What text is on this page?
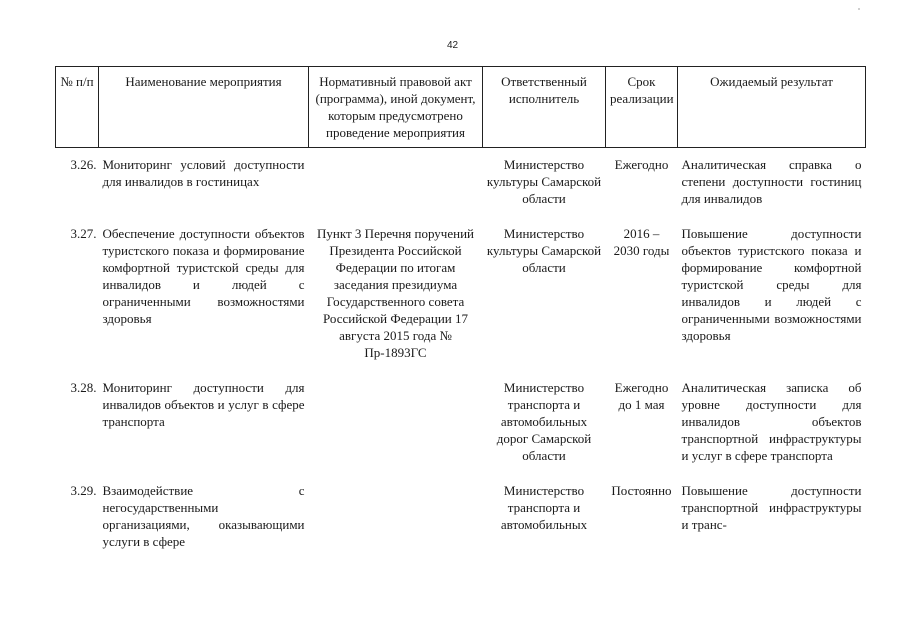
42
№ п/п	Наименование мероприятия	Нормативный правовой акт (программа), иной документ, которым предусмотрено проведение мероприятия	Ответственный исполнитель	Срок реализации	Ожидаемый результат
3.26.	Мониторинг условий доступности для инвалидов в гостиницах		Министерство культуры Самарской области	Ежегодно	Аналитическая справка о степени доступности гостиниц для инвалидов
3.27.	Обеспечение доступности объектов туристского показа и формирование комфортной туристской среды для инвалидов и людей с ограниченными возможностями здоровья	Пункт 3 Перечня поручений Президента Российской Федерации по итогам заседания президиума Государственного совета Российской Федерации 17 августа 2015 года № Пр-1893ГС	Министерство культуры Самарской области	2016 – 2030 годы	Повышение доступности объектов туристского показа и формирование комфортной туристской среды для инвалидов и людей с ограниченными возможностями здоровья
3.28.	Мониторинг доступности для инвалидов объектов и услуг в сфере транспорта		Министерство транспорта и автомобильных дорог Самарской области	Ежегодно до 1 мая	Аналитическая записка об уровне доступности для инвалидов объектов транспортной инфраструктуры и услуг в сфере транспорта
3.29.	Взаимодействие с негосударственными организациями, оказывающими услуги в сфере		Министерство транспорта и автомобильных	Постоянно	Повышение доступности транспортной инфраструктуры и транс-
